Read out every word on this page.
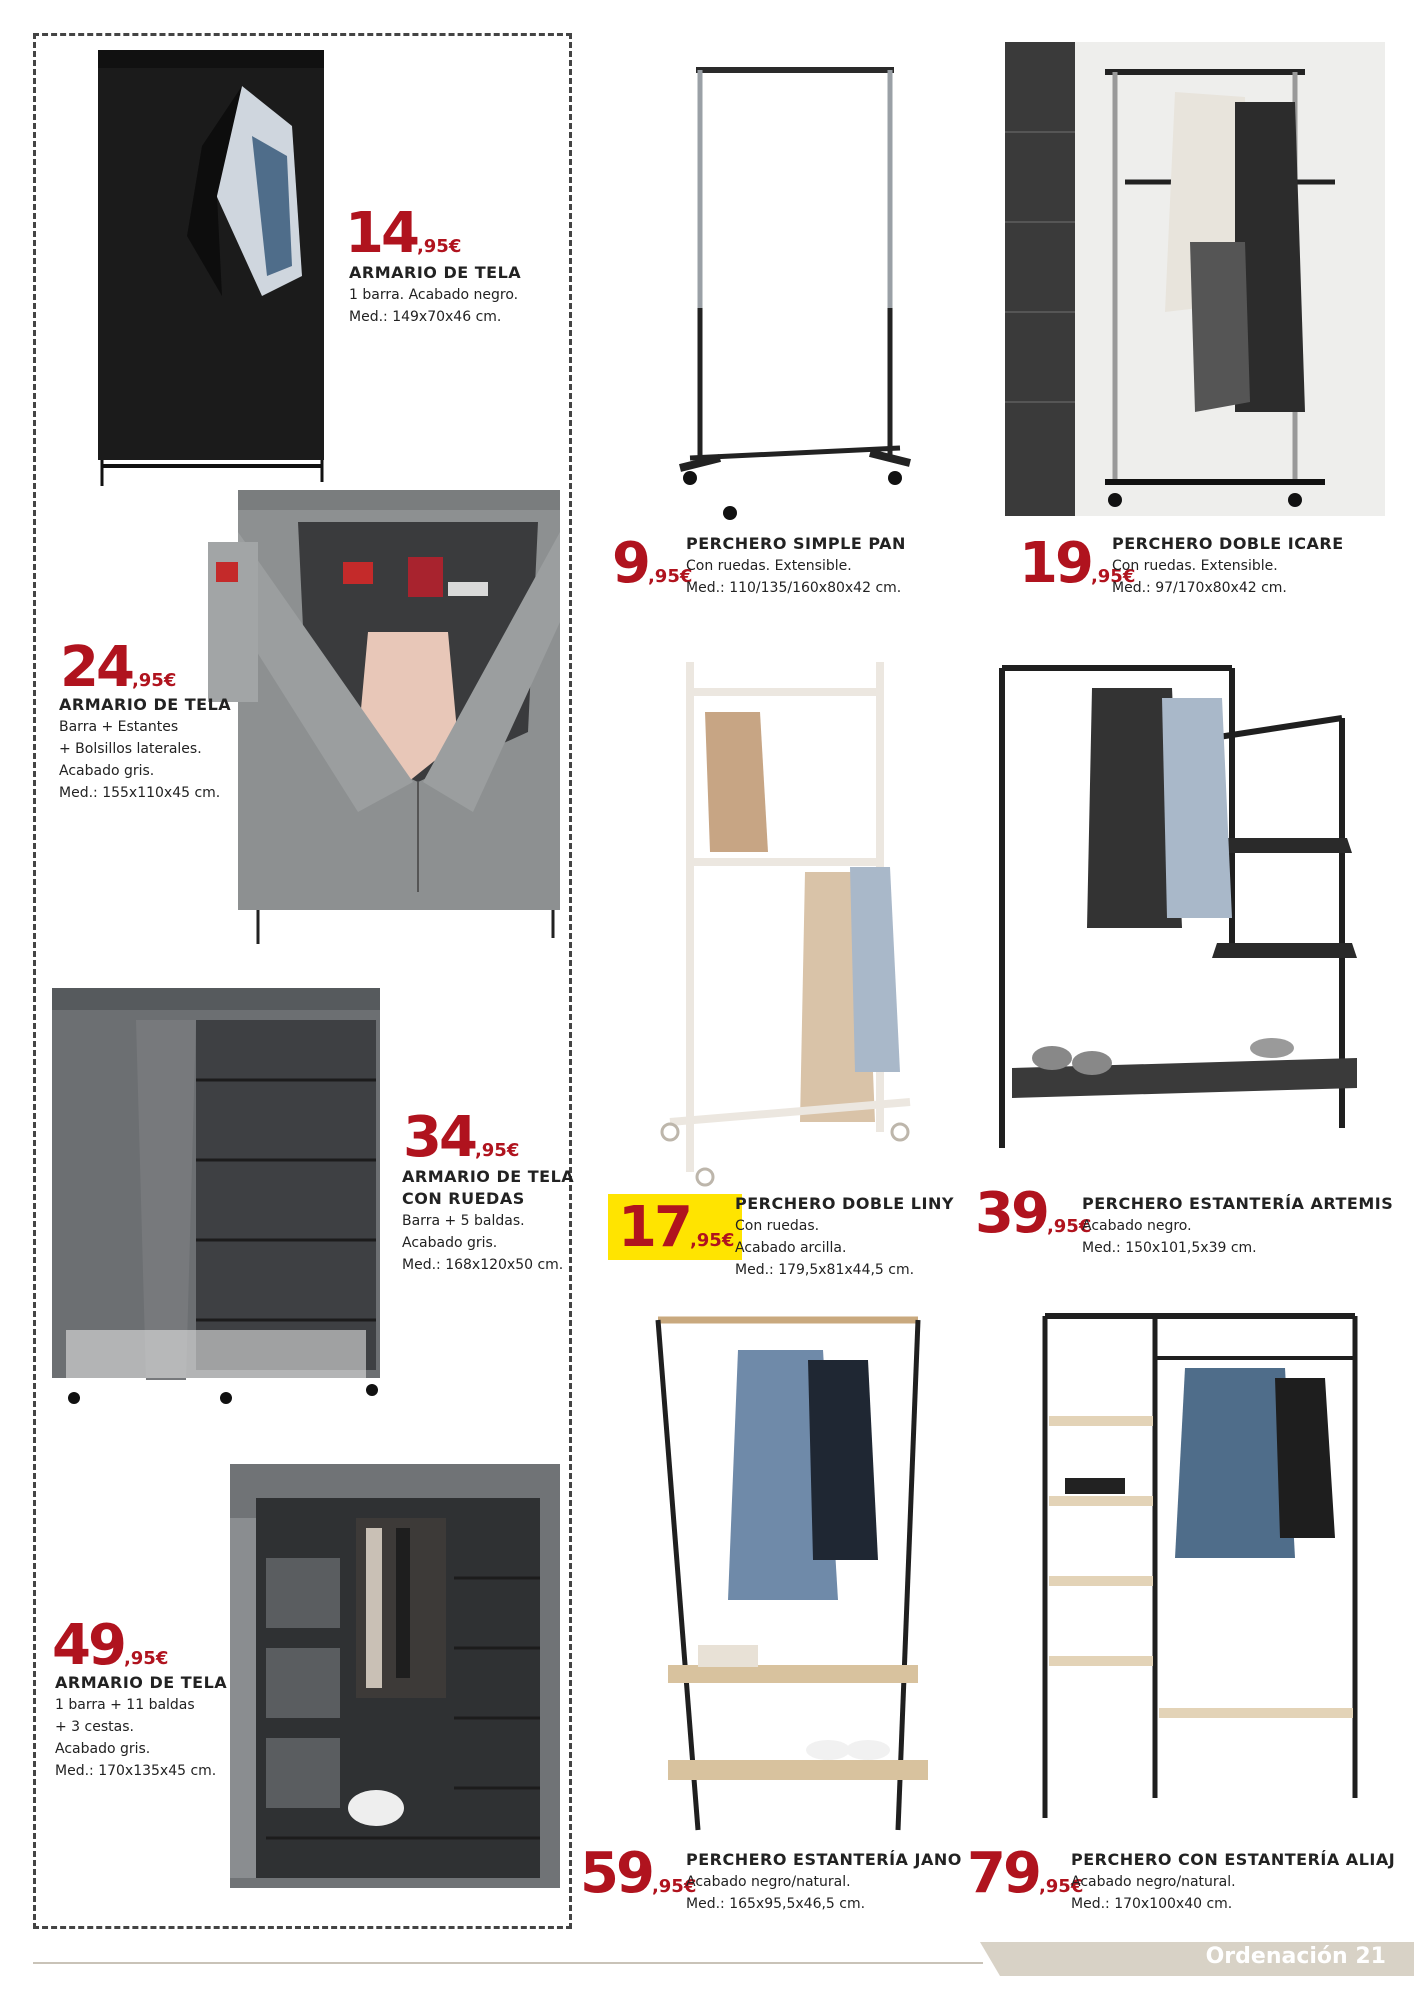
14,95€
ARMARIO DE TELA
1 barra. Acabado negro.
Med.: 149x70x46 cm.
24,95€
ARMARIO DE TELA
Barra + Estantes
+ Bolsillos laterales.
Acabado gris.
Med.: 155x110x45 cm.
34,95€
ARMARIO DE TELA
CON RUEDAS
Barra + 5 baldas.
Acabado gris.
Med.: 168x120x50 cm.
49,95€
ARMARIO DE TELA
1 barra + 11 baldas
+ 3 cestas.
Acabado gris.
Med.: 170x135x45 cm.
9,95€
PERCHERO SIMPLE PAN
Con ruedas. Extensible.
Med.: 110/135/160x80x42 cm. 19,95€
PERCHERO DOBLE ICARE
Con ruedas. Extensible.
Med.: 97/170x80x42 cm.
17,95€
PERCHERO DOBLE LINY
Con ruedas.
Acabado arcilla.
Med.: 179,5x81x44,5 cm.
39,95€
PERCHERO ESTANTERÍA ARTEMIS
Acabado negro.
Med.: 150x101,5x39 cm.
59,95€
PERCHERO ESTANTERÍA JANO
Acabado negro/natural.
Med.: 165x95,5x46,5 cm.	79,95€
PERCHERO CON ESTANTERÍA ALIAJ
Acabado negro/natural.
Med.: 170x100x40 cm.
Ordenación 21
